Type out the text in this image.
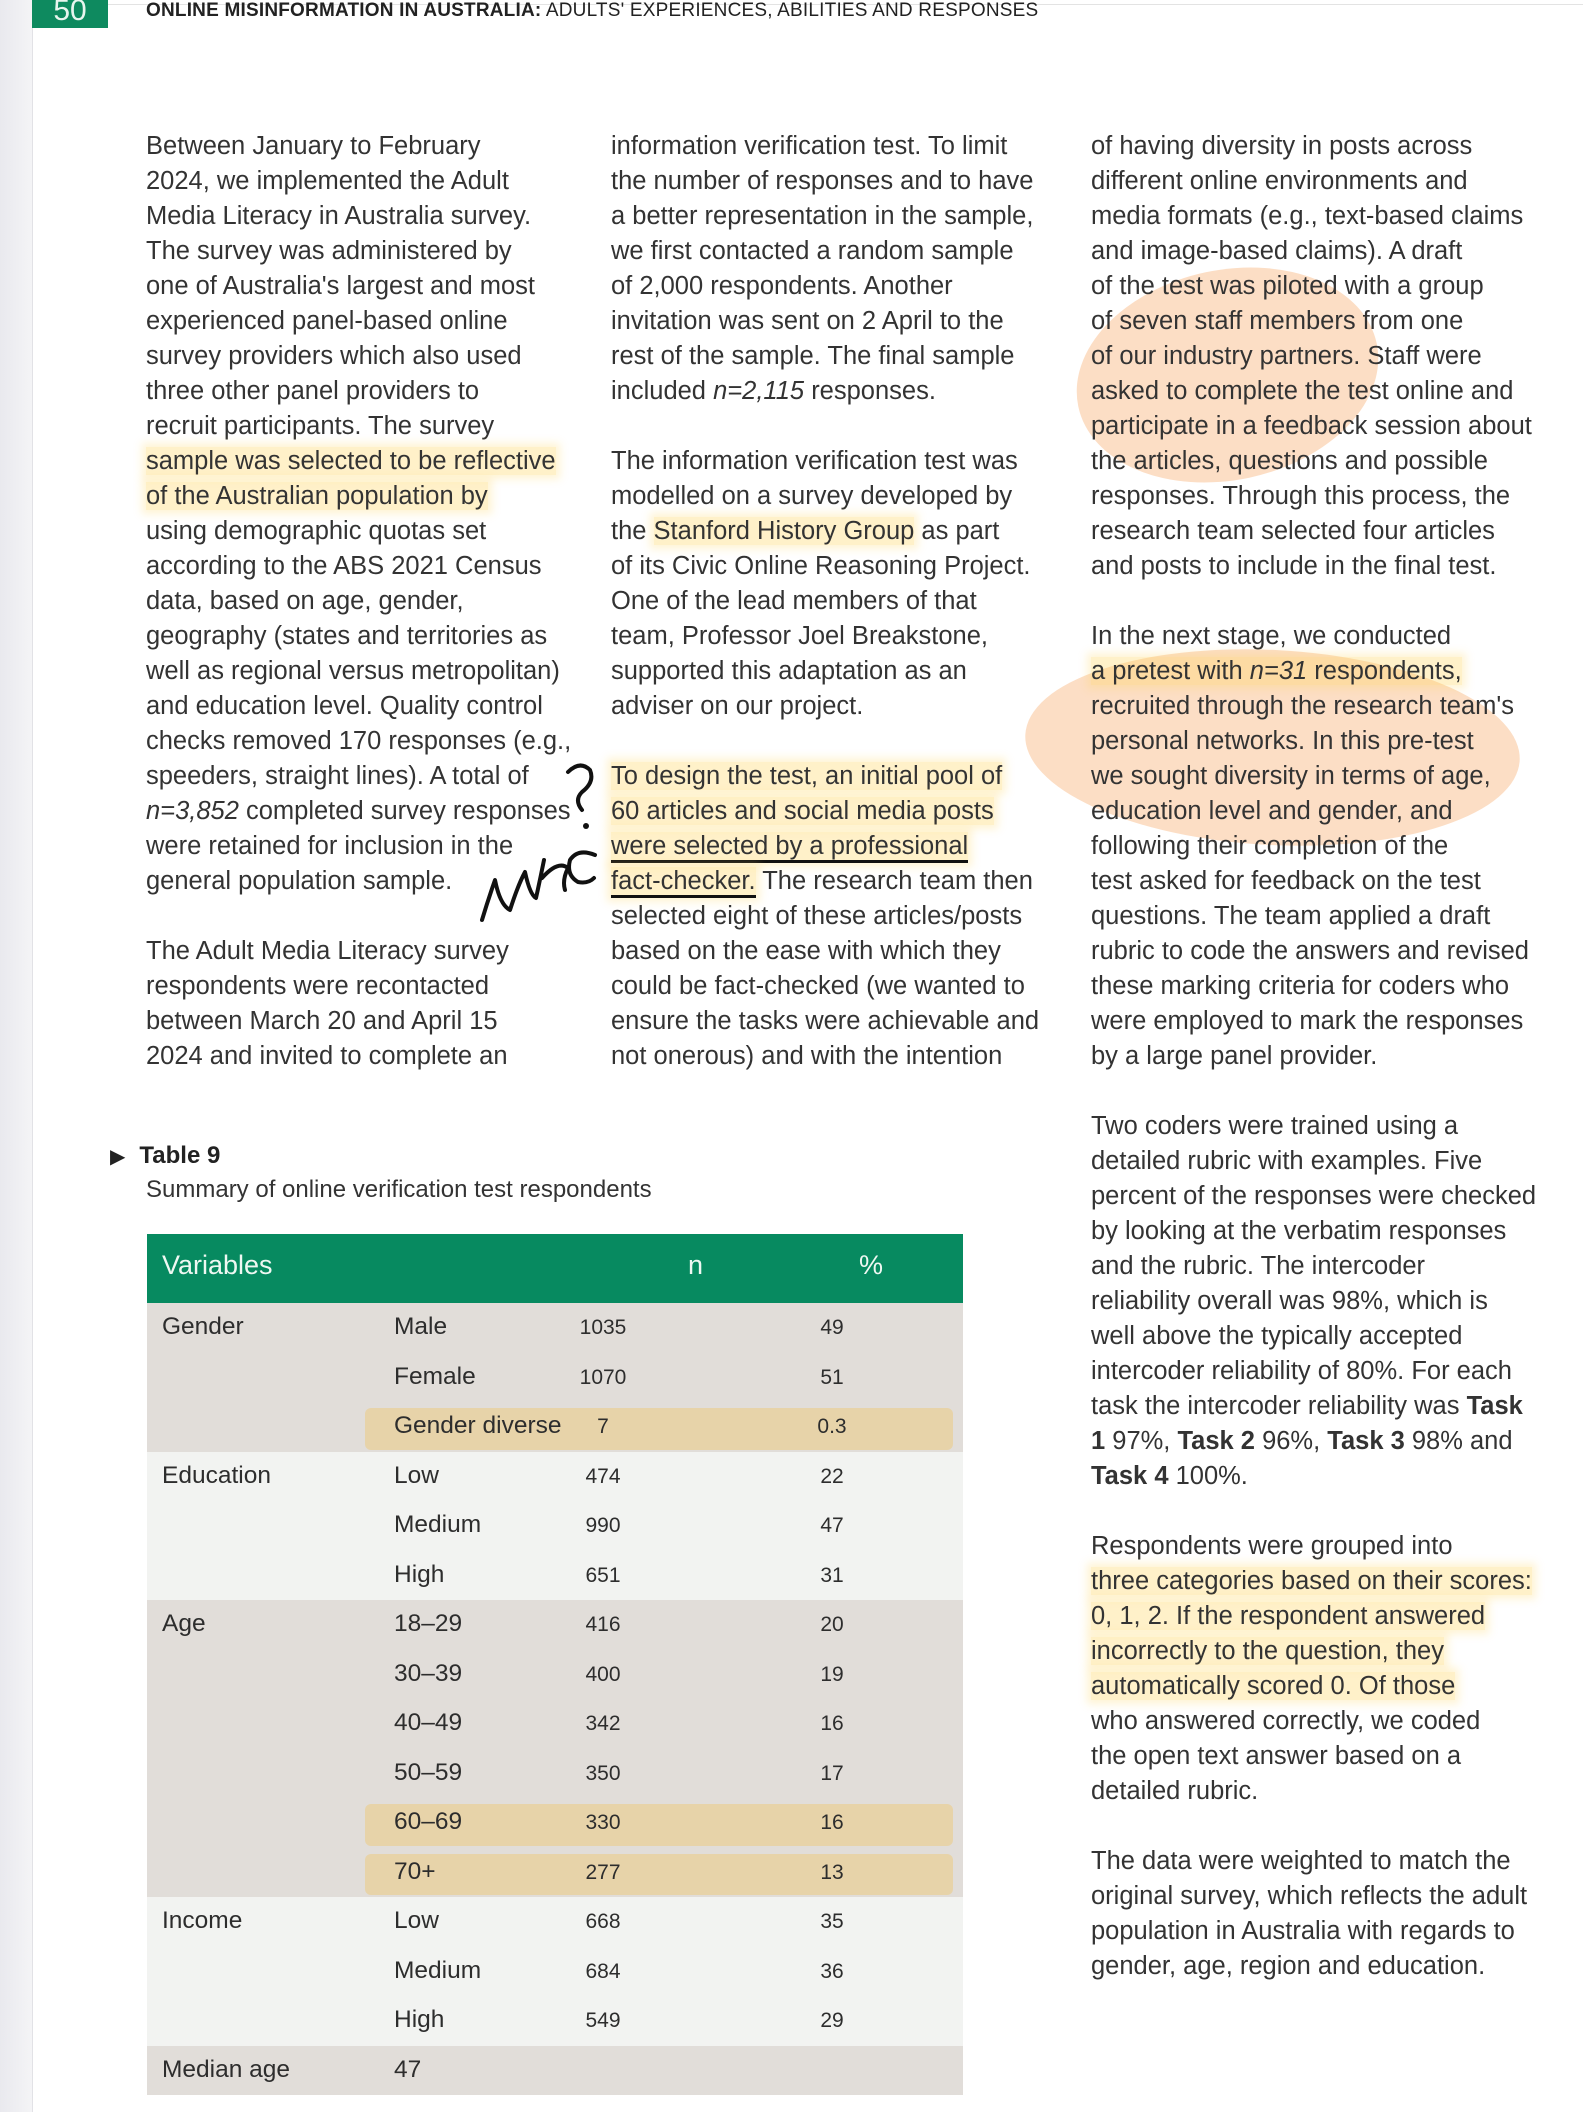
50	ONLINE MISINFORMATION IN AUSTRALIA: ADULTS' EXPERIENCES, ABILITIES AND RESPONSES

Between January to February
2024, we implemented the Adult
Media Literacy in Australia survey.
The survey was administered by
one of Australia's largest and most
experienced panel-based online
survey providers which also used
three other panel providers to
recruit participants. The survey
sample was selected to be reflective
of the Australian population by
using demographic quotas set
according to the ABS 2021 Census
data, based on age, gender,
geography (states and territories as
well as regional versus metropolitan)
and education level. Quality control
checks removed 170 responses (e.g.,
speeders, straight lines). A total of
n=3,852 completed survey responses
were retained for inclusion in the
general population sample.

The Adult Media Literacy survey
respondents were recontacted
between March 20 and April 15
2024 and invited to complete an

information verification test. To limit
the number of responses and to have
a better representation in the sample,
we first contacted a random sample
of 2,000 respondents. Another
invitation was sent on 2 April to the
rest of the sample. The final sample
included n=2,115 responses.

The information verification test was
modelled on a survey developed by
the Stanford History Group as part
of its Civic Online Reasoning Project.
One of the lead members of that
team, Professor Joel Breakstone,
supported this adaptation as an
adviser on our project.

To design the test, an initial pool of
60 articles and social media posts
were selected by a professional
fact-checker. The research team then
selected eight of these articles/posts
based on the ease with which they
could be fact-checked (we wanted to
ensure the tasks were achievable and
not onerous) and with the intention

of having diversity in posts across
different online environments and
media formats (e.g., text-based claims
and image-based claims). A draft
of the test was piloted with a group
of seven staff members from one
of our industry partners. Staff were
asked to complete the test online and
participate in a feedback session about
the articles, questions and possible
responses. Through this process, the
research team selected four articles
and posts to include in the final test.

In the next stage, we conducted
a pretest with n=31 respondents,
recruited through the research team's
personal networks. In this pre-test
we sought diversity in terms of age,
education level and gender, and
following their completion of the
test asked for feedback on the test
questions. The team applied a draft
rubric to code the answers and revised
these marking criteria for coders who
were employed to mark the responses
by a large panel provider.

Two coders were trained using a
detailed rubric with examples. Five
percent of the responses were checked
by looking at the verbatim responses
and the rubric. The intercoder
reliability overall was 98%, which is
well above the typically accepted
intercoder reliability of 80%. For each
task the intercoder reliability was Task
1 97%, Task 2 96%, Task 3 98% and
Task 4 100%.

Respondents were grouped into
three categories based on their scores:
0, 1, 2. If the respondent answered
incorrectly to the question, they
automatically scored 0. Of those
who answered correctly, we coded
the open text answer based on a
detailed rubric.

The data were weighted to match the
original survey, which reflects the adult
population in Australia with regards to
gender, age, region and education.

▶ Table 9
Summary of online verification test respondents
Variables	n	%
Gender	Male	1035	49
Female	1070	51
Gender diverse	7	0.3
Education	Low	474	22
Medium	990	47
High	651	31
Age	18–29	416	20
30–39	400	19
40–49	342	16
50–59	350	17
60–69	330	16
70+	277	13
Income	Low	668	35
Medium	684	36
High	549	29
Median age	47
